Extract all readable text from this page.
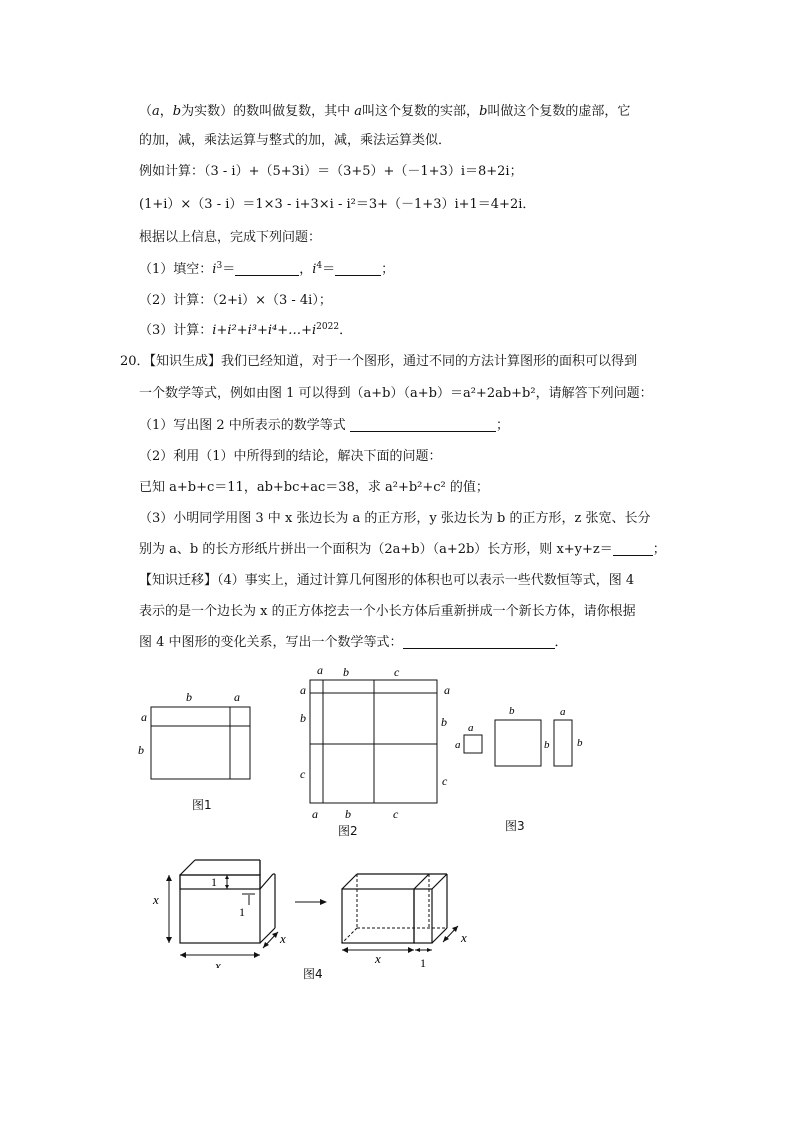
（a，b为实数）的数叫做复数，其中 a叫这个复数的实部，b叫做这个复数的虚部，它
的加，减，乘法运算与整式的加，减，乘法运算类似．
例如计算：（3 - i）+（5+3i）＝（3+5）+（－1+3）i＝8+2i；
(1+i）×（3 - i）＝1×3 - i+3×i - i²＝3+（－1+3）i+1＝4+2i．
根据以上信息，完成下列问题：
（1）填空：$i^3=$	，$i^4=$	；
（2）计算：（2+i）×（3 - 4i）；
（3）计算：$i+i^2+i^3+i^4+\dots+i^{2022}$．
20．【知识生成】我们已经知道，对于一个图形，通过不同的方法计算图形的面积可以得到
一个数学等式，例如由图 1 可以得到（a+b）（a+b）＝a²+2ab+b²，请解答下列问题：
（1）写出图 2 中所表示的数学等式	；
（2）利用（1）中所得到的结论，解决下面的问题：
已知 a+b+c＝11，ab+bc+ac＝38，求 a²+b²+c² 的值；
（3）小明同学用图 3 中 x 张边长为 a 的正方形，y 张边长为 b 的正方形，z 张宽、长分
别为 a、b 的长方形纸片拼出一个面积为（2a+b）（a+2b）长方形，则 x+y+z＝	；
【知识迁移】（4）事实上，通过计算几何图形的体积也可以表示一些代数恒等式，图 4
表示的是一个边长为 x 的正方体挖去一个小长方体后重新拼成一个新长方体，请你根据
图 4 中图形的变化关系，写出一个数学等式：	．
b	a
a
b
图1
a b	c
a
b
c
a
b
c
a b	c
图2
a
a
b
b
a
b
图3
x
1
1
x
x
x
x	1
图4
